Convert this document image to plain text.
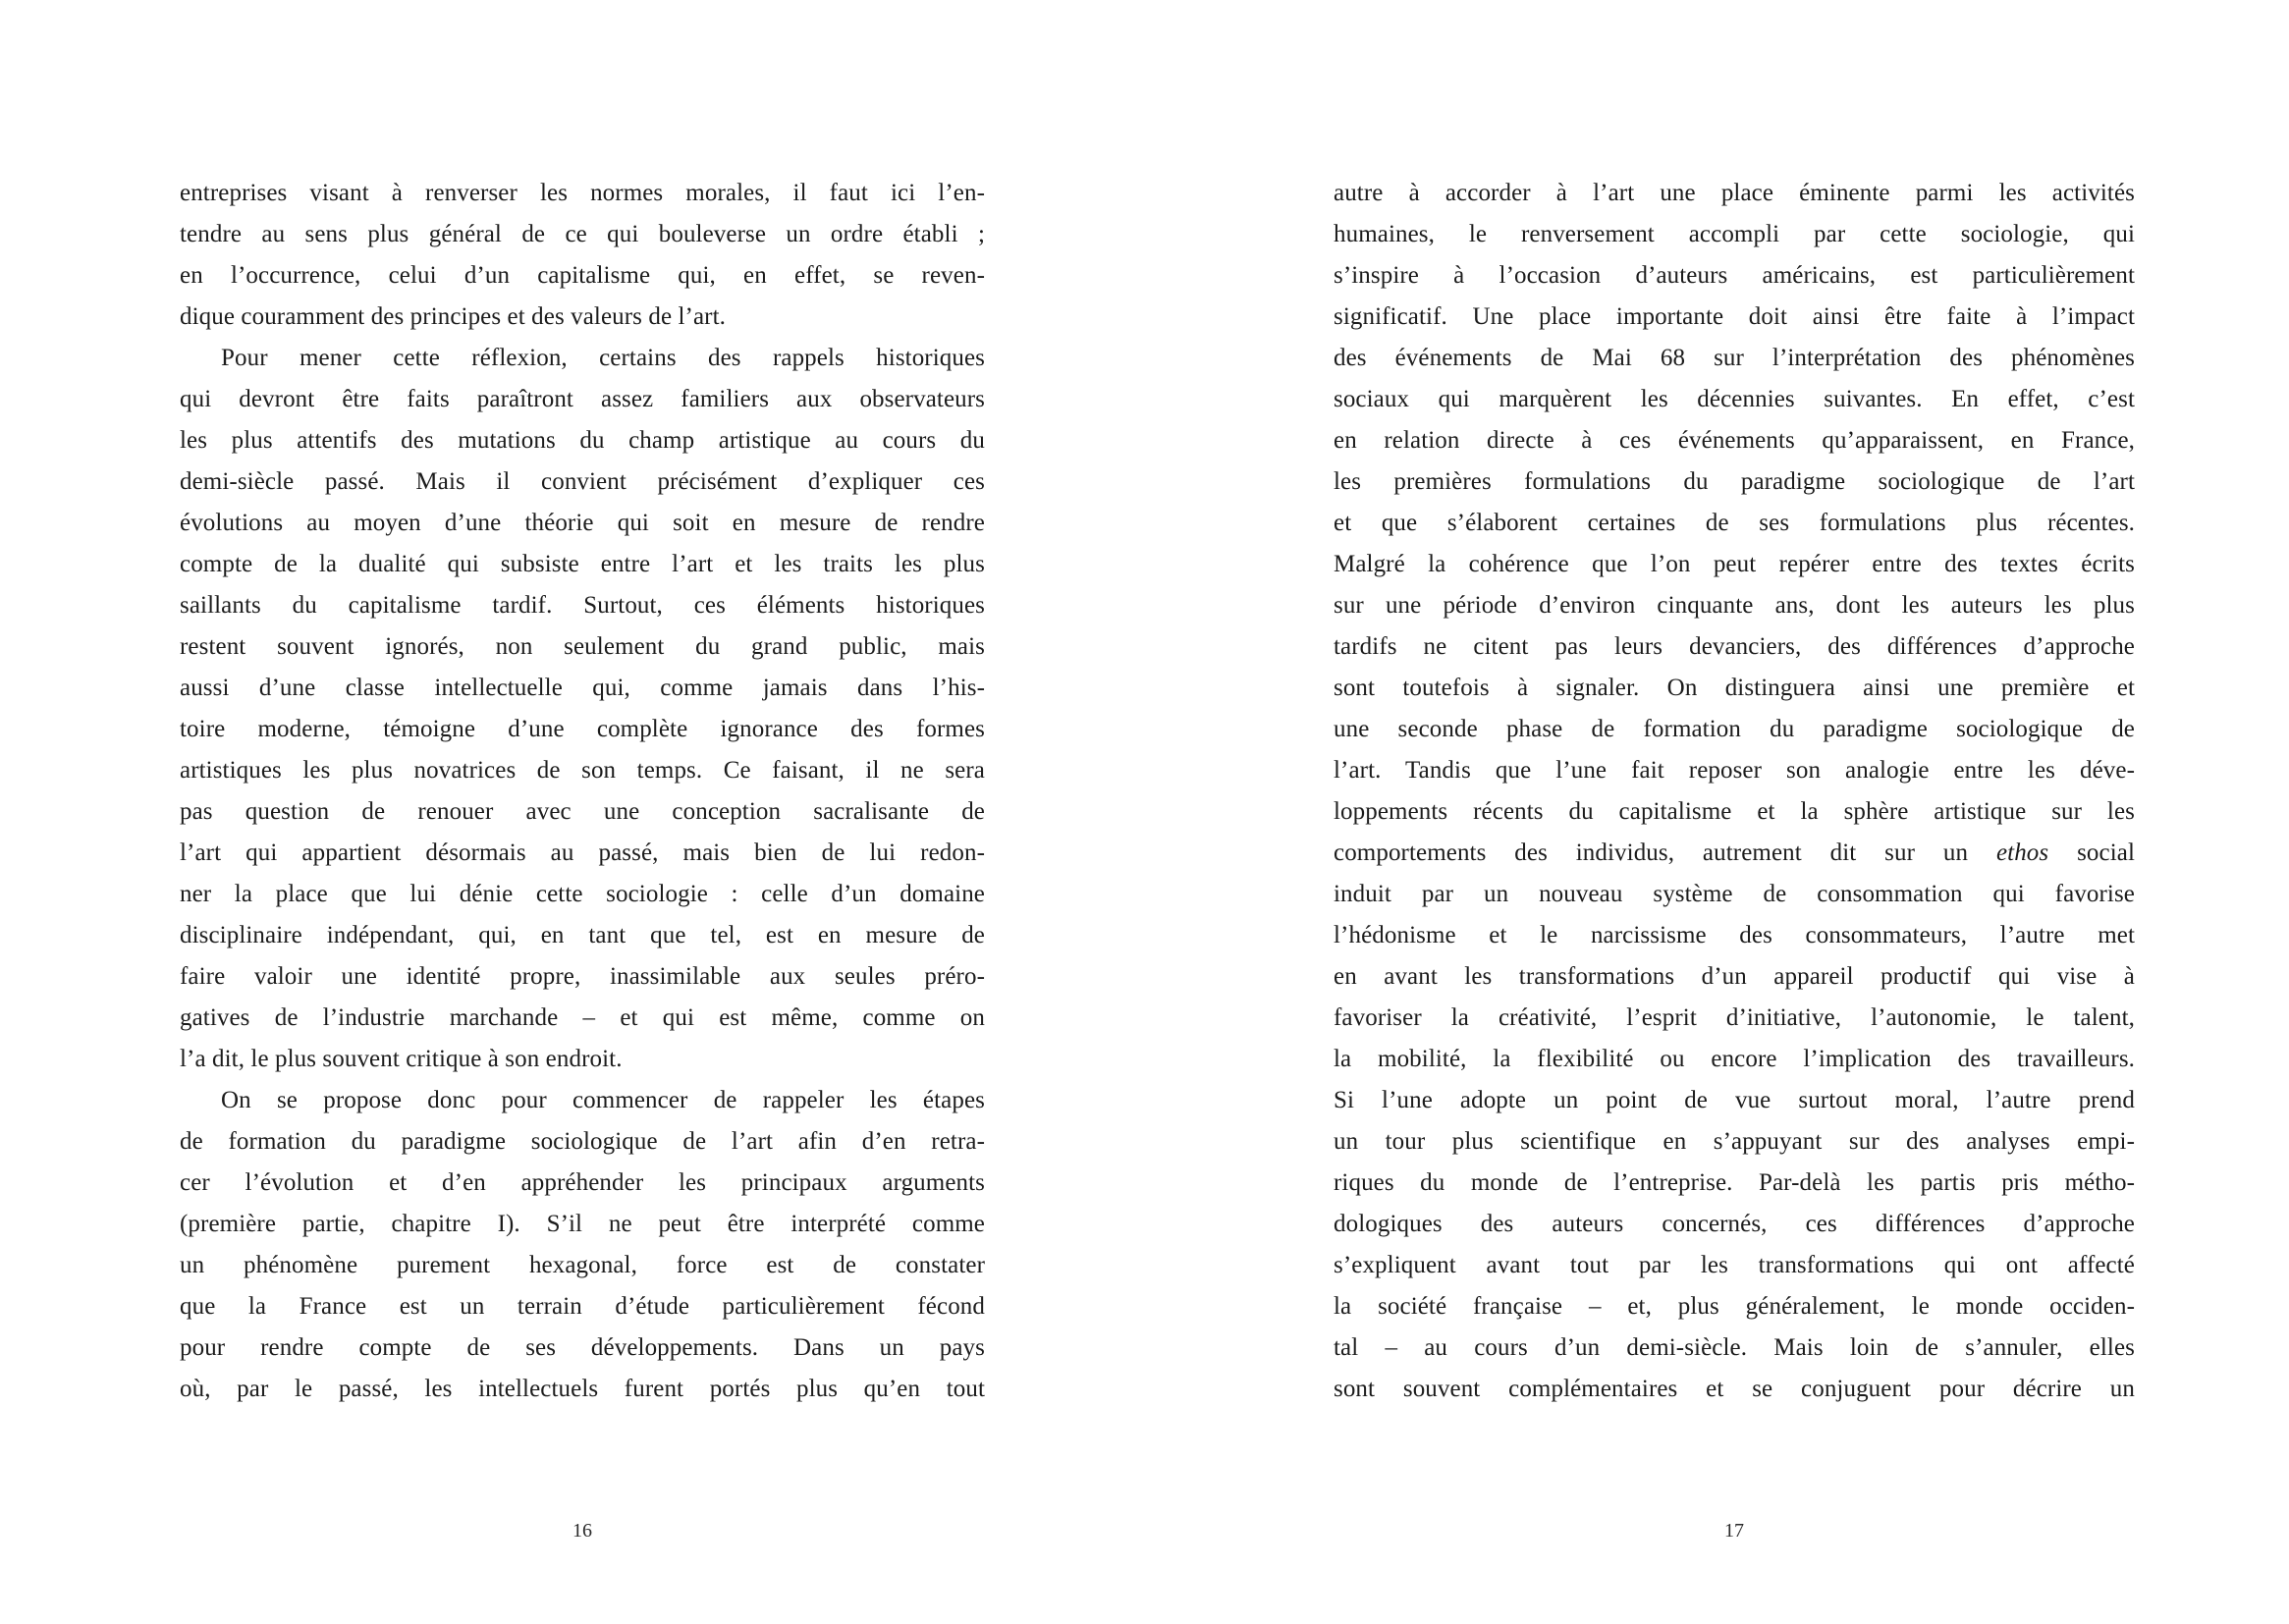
entreprises visant à renverser les normes morales, il faut ici l’en-
tendre au sens plus général de ce qui bouleverse un ordre établi ;
en l’occurrence, celui d’un capitalisme qui, en effet, se reven-
dique couramment des principes et des valeurs de l’art.
Pour mener cette réflexion, certains des rappels historiques
qui devront être faits paraîtront assez familiers aux observateurs
les plus attentifs des mutations du champ artistique au cours du
demi-siècle passé. Mais il convient précisément d’expliquer ces
évolutions au moyen d’une théorie qui soit en mesure de rendre
compte de la dualité qui subsiste entre l’art et les traits les plus
saillants du capitalisme tardif. Surtout, ces éléments historiques
restent souvent ignorés, non seulement du grand public, mais
aussi d’une classe intellectuelle qui, comme jamais dans l’his-
toire moderne, témoigne d’une complète ignorance des formes
artistiques les plus novatrices de son temps. Ce faisant, il ne sera
pas question de renouer avec une conception sacralisante de
l’art qui appartient désormais au passé, mais bien de lui redon-
ner la place que lui dénie cette sociologie : celle d’un domaine
disciplinaire indépendant, qui, en tant que tel, est en mesure de
faire valoir une identité propre, inassimilable aux seules préro-
gatives de l’industrie marchande – et qui est même, comme on
l’a dit, le plus souvent critique à son endroit.
On se propose donc pour commencer de rappeler les étapes
de formation du paradigme sociologique de l’art afin d’en retra-
cer l’évolution et d’en appréhender les principaux arguments
(première partie, chapitre I). S’il ne peut être interprété comme
un phénomène purement hexagonal, force est de constater
que la France est un terrain d’étude particulièrement fécond
pour rendre compte de ses développements. Dans un pays
où, par le passé, les intellectuels furent portés plus qu’en tout
autre à accorder à l’art une place éminente parmi les activités
humaines, le renversement accompli par cette sociologie, qui
s’inspire à l’occasion d’auteurs américains, est particulièrement
significatif. Une place importante doit ainsi être faite à l’impact
des événements de Mai 68 sur l’interprétation des phénomènes
sociaux qui marquèrent les décennies suivantes. En effet, c’est
en relation directe à ces événements qu’apparaissent, en France,
les premières formulations du paradigme sociologique de l’art
et que s’élaborent certaines de ses formulations plus récentes.
Malgré la cohérence que l’on peut repérer entre des textes écrits
sur une période d’environ cinquante ans, dont les auteurs les plus
tardifs ne citent pas leurs devanciers, des différences d’approche
sont toutefois à signaler. On distinguera ainsi une première et
une seconde phase de formation du paradigme sociologique de
l’art. Tandis que l’une fait reposer son analogie entre les déve-
loppements récents du capitalisme et la sphère artistique sur les
comportements des individus, autrement dit sur un ethos social
induit par un nouveau système de consommation qui favorise
l’hédonisme et le narcissisme des consommateurs, l’autre met
en avant les transformations d’un appareil productif qui vise à
favoriser la créativité, l’esprit d’initiative, l’autonomie, le talent,
la mobilité, la flexibilité ou encore l’implication des travailleurs.
Si l’une adopte un point de vue surtout moral, l’autre prend
un tour plus scientifique en s’appuyant sur des analyses empi-
riques du monde de l’entreprise. Par-delà les partis pris métho-
dologiques des auteurs concernés, ces différences d’approche
s’expliquent avant tout par les transformations qui ont affecté
la société française – et, plus généralement, le monde occiden-
tal – au cours d’un demi-siècle. Mais loin de s’annuler, elles
sont souvent complémentaires et se conjuguent pour décrire un
16	17
